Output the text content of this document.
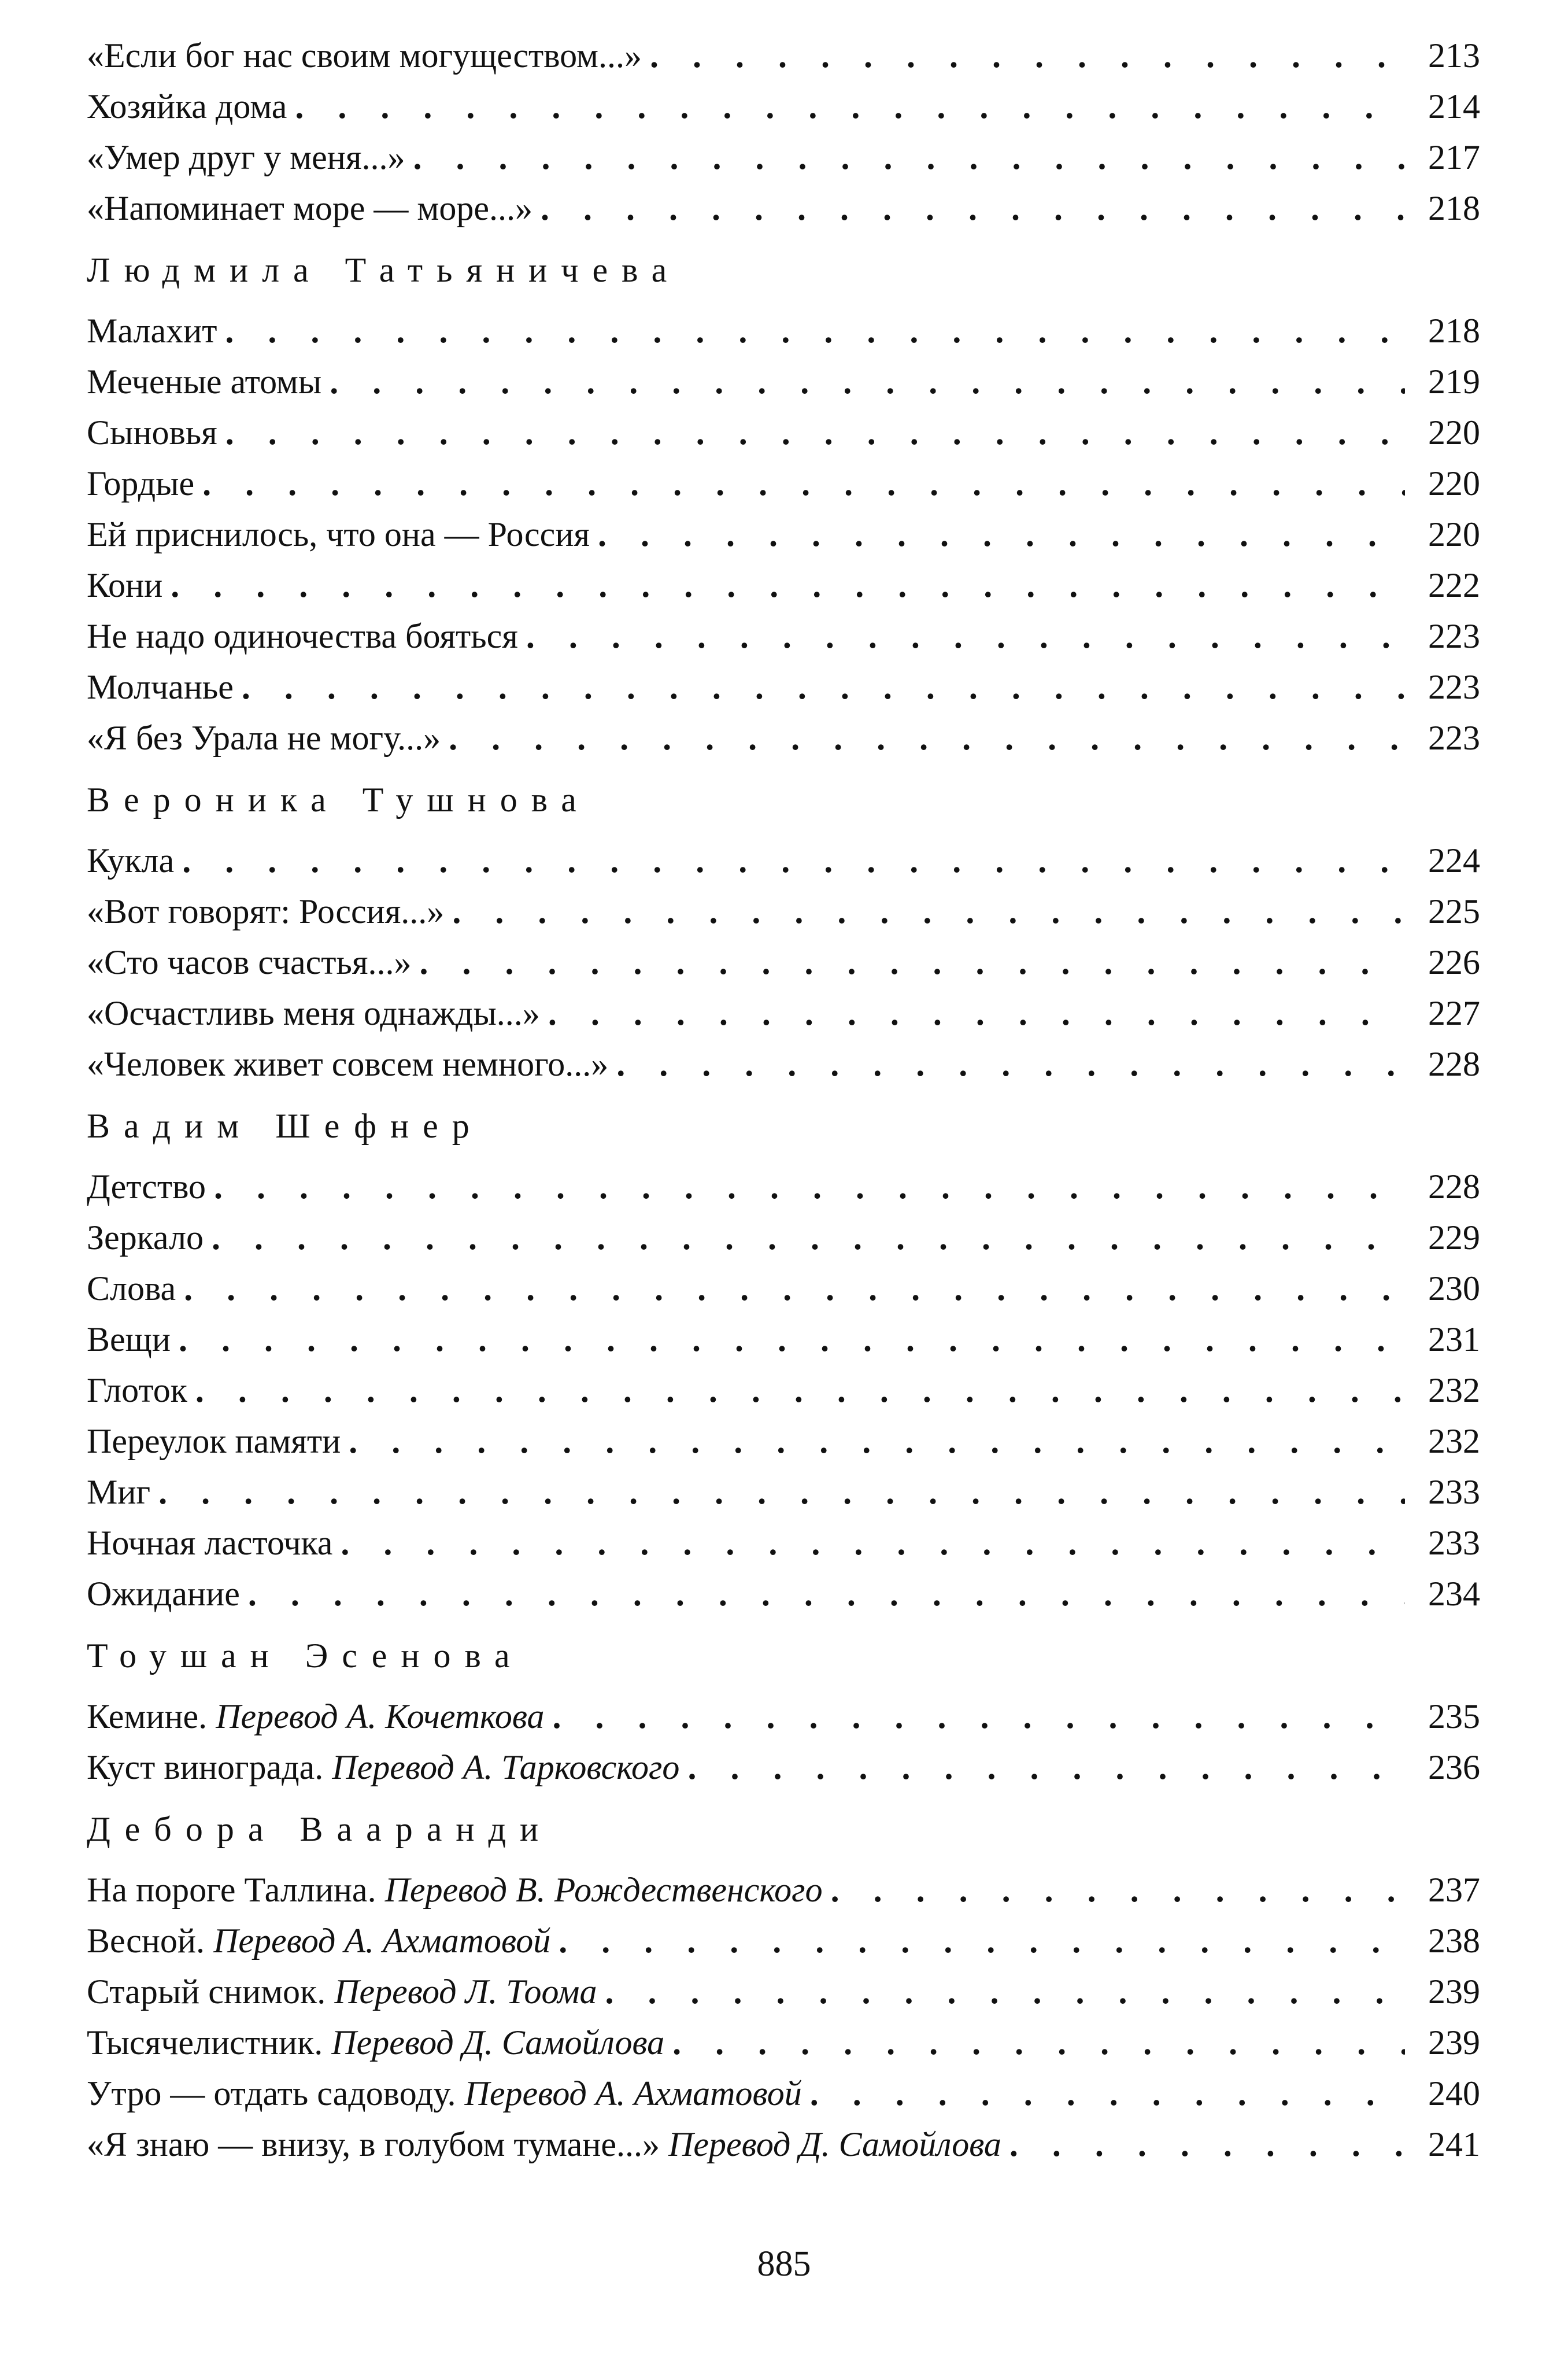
«Если бог нас своим могуществом...» . . .	213
Хозяйка дома . . .	214
«Умер друг у меня...» . . .	217
«Напоминает море — море...» . . .	218
Людмила Татьяничева
Малахит . . .	218
Меченые атомы . . .	219
Сыновья . . .	220
Гордые . . .	220
Ей приснилось, что она — Россия . . .	220
Кони . . .	222
Не надо одиночества бояться . . .	223
Молчанье . . .	223
«Я без Урала не могу...» . . .	223
Вероника Тушнова
Кукла . . .	224
«Вот говорят: Россия...» . . .	225
«Сто часов счастья...» . . .	226
«Осчастливь меня однажды...» . . .	227
«Человек живет совсем немного...» . . .	228
Вадим Шефнер
Детство . . .	228
Зеркало . . .	229
Слова . . .	230
Вещи . . .	231
Глоток . . .	232
Переулок памяти . . .	232
Миг . . .	233
Ночная ласточка . . .	233
Ожидание . . .	234
Тоушан Эсенова
Кемине. Перевод А. Кочеткова . . .	235
Куст винограда. Перевод А. Тарковского . . .	236
Дебора Вааранди
На пороге Таллина. Перевод В. Рождественского . . .	237
Весной. Перевод А. Ахматовой . . .	238
Старый снимок. Перевод Л. Тоома . . .	239
Тысячелистник. Перевод Д. Самойлова . . .	239
Утро — отдать садоводу. Перевод А. Ахматовой . . .	240
«Я знаю — внизу, в голубом тумане...» Перевод Д. Самойлова . . .	241
885
